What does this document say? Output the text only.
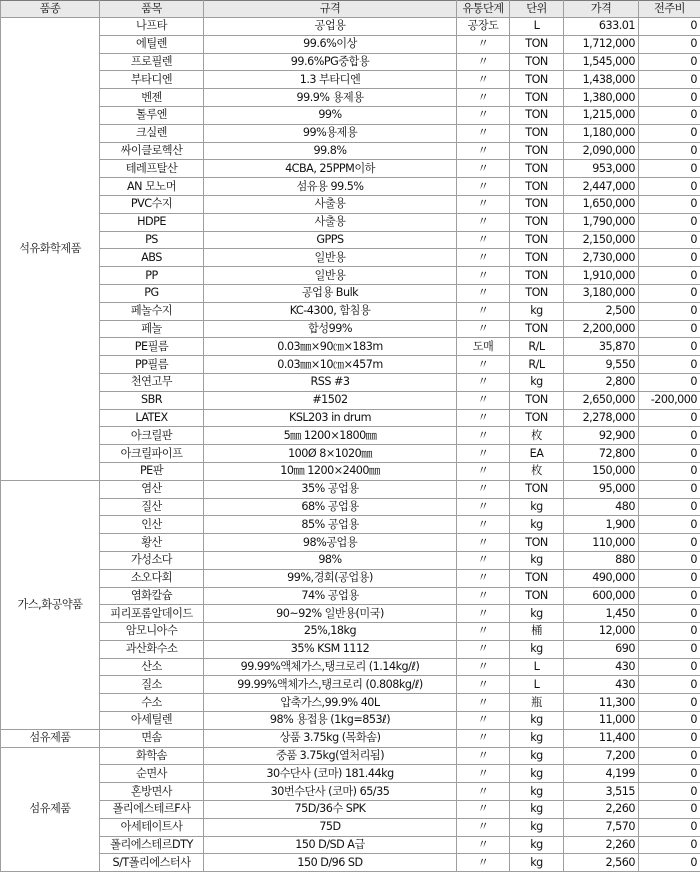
품종	품목	규격	유통단계	단위	가격	전주비
석유화학제품	나프타	공업용	공장도	L	633.01	0
	에틸렌	99.6%이상	〃	TON	1,712,000	0
	프로필렌	99.6%PG중합용	〃	TON	1,545,000	0
	부타디엔	1.3 부타디엔	〃	TON	1,438,000	0
	벤젠	99.9% 용제용	〃	TON	1,380,000	0
	톨루엔	99%	〃	TON	1,215,000	0
	크실렌	99%용제용	〃	TON	1,180,000	0
	싸이클로헥산	99.8%	〃	TON	2,090,000	0
	테레프탈산	4CBA, 25PPM이하	〃	TON	953,000	0
	AN 모노머	섬유용 99.5%	〃	TON	2,447,000	0
	PVC수지	사출용	〃	TON	1,650,000	0
	HDPE	사출용	〃	TON	1,790,000	0
	PS	GPPS	〃	TON	2,150,000	0
	ABS	일반용	〃	TON	2,730,000	0
	PP	일반용	〃	TON	1,910,000	0
	PG	공업용 Bulk	〃	TON	3,180,000	0
	페놀수지	KC-4300, 함침용	〃	kg	2,500	0
	페놀	합성99%	〃	TON	2,200,000	0
	PE필름	0.03㎜×90㎝×183m	도매	R/L	35,870	0
	PP필름	0.03㎜×10㎝×457m	〃	R/L	9,550	0
	천연고무	RSS #3	〃	kg	2,800	0
	SBR	#1502	〃	TON	2,650,000	-200,000
	LATEX	KSL203 in drum	〃	TON	2,278,000	0
	아크릴판	5㎜ 1200×1800㎜	〃	枚	92,900	0
	아크릴파이프	100Ø 8×1020㎜	〃	EA	72,800	0
	PE판	10㎜ 1200×2400㎜	〃	枚	150,000	0
가스,화공약품	염산	35% 공업용	〃	TON	95,000	0
	질산	68% 공업용	〃	kg	480	0
	인산	85% 공업용	〃	kg	1,900	0
	황산	98%공업용	〃	TON	110,000	0
	가성소다	98%	〃	kg	880	0
	소오다회	99%,경회(공업용)	〃	TON	490,000	0
	염화칼슘	74% 공업용	〃	TON	600,000	0
	피리포롬알데이드	90~92% 일반용(미국)	〃	kg	1,450	0
	암모니아수	25%,18kg	〃	桶	12,000	0
	과산화수소	35% KSM 1112	〃	kg	690	0
	산소	99.99%액체가스,탱크로리 (1.14kg/ℓ)	〃	L	430	0
	질소	99.99%액체가스,탱크로리 (0.808kg/ℓ)	〃	L	430	0
	수소	압축가스,99.9% 40L	〃	瓶	11,300	0
	아세틸렌	98% 용접용 (1kg=853ℓ)	〃	kg	11,000	0
섬유제품	면솜	상품 3.75kg (목화솜)	〃	kg	11,400	0
섬유제품	화학솜	중품 3.75kg(열처리됨)	〃	kg	7,200	0
	순면사	30수단사 (코마) 181.44kg	〃	kg	4,199	0
	혼방면사	30번수단사 (코마) 65/35	〃	kg	3,515	0
	폴리에스테르F사	75D/36수 SPK	〃	kg	2,260	0
	아세테이트사	75D	〃	kg	7,570	0
	폴리에스테르DTY	150 D/SD A급	〃	kg	2,260	0
	S/T폴리에스터사	150 D/96 SD	〃	kg	2,560	0
